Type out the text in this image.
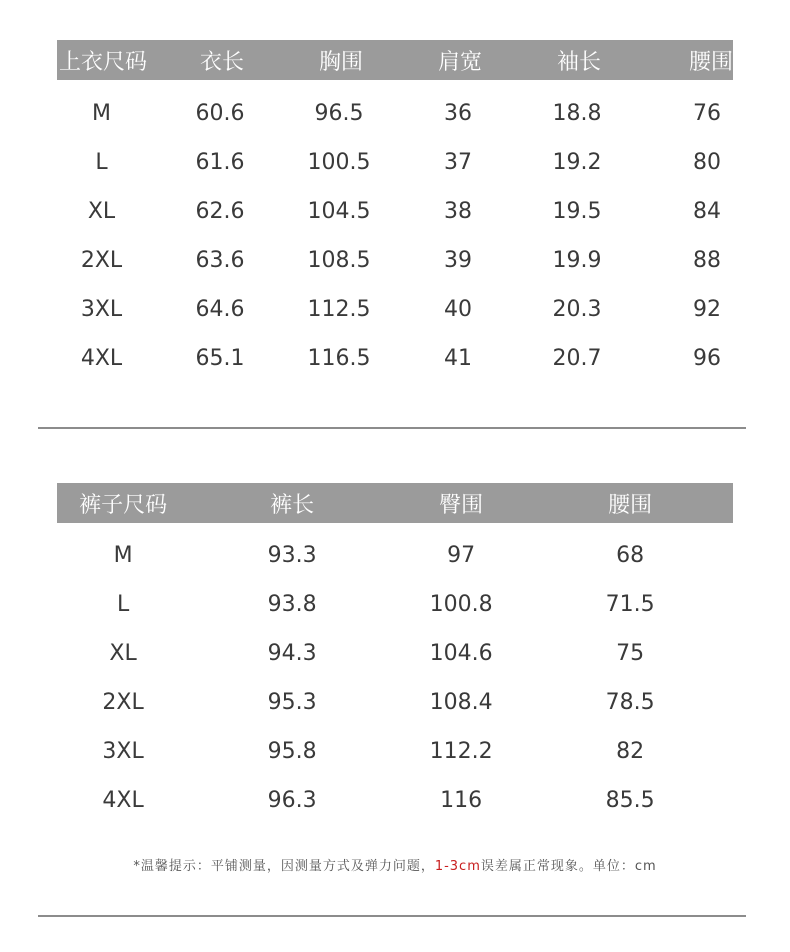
上衣尺码	衣长	胸围	肩宽	袖长	腰围
M	60.6	96.5	36	18.8	76
L	61.6	100.5	37	19.2	80
XL	62.6	104.5	38	19.5	84
2XL	63.6	108.5	39	19.9	88
3XL	64.6	112.5	40	20.3	92
4XL	65.1	116.5	41	20.7	96
裤子尺码	裤长	臀围	腰围
M	93.3	97	68
L	93.8	100.8	71.5
XL	94.3	104.6	75
2XL	95.3	108.4	78.5
3XL	95.8	112.2	82
4XL	96.3	116	85.5
*温馨提示：平铺测量，因测量方式及弹力问题，1-3cm误差属正常现象。单位：cm
